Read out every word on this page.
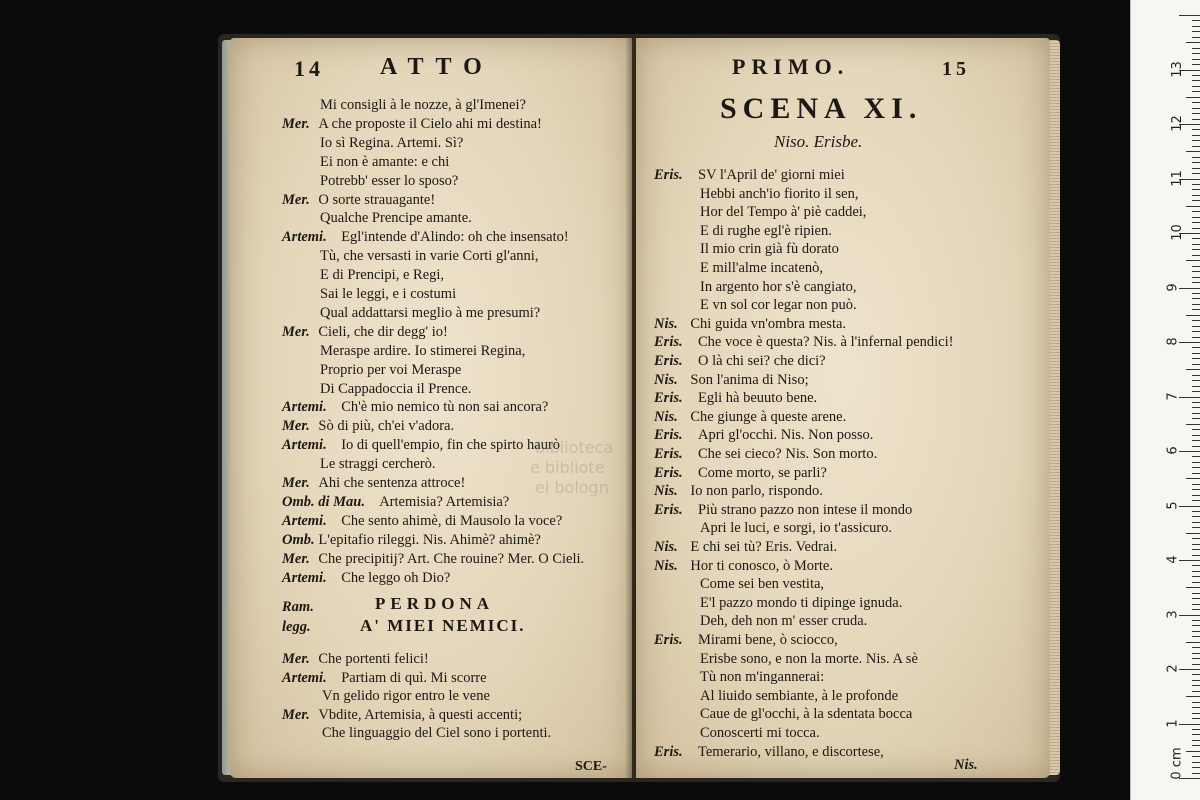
14 ATTO
Mi consigli à le nozze, à gl'Imenei?
Mer. A che proposte il Cielo ahi mi destina!
Io sì Regina. Artemi. Sì?
Ei non è amante: e chi
Potrebb' esser lo sposo?
Mer. O sorte strauagante!
Qualche Prencipe amante.
Artemi. Egl'intende d'Alindo: oh che insensato!
Tù, che versasti in varie Corti gl'anni,
E di Prencipi, e Regi,
Sai le leggi, e i costumi
Qual addattarsi meglio à me presumi?
Mer. Cieli, che dir degg' io!
Meraspe ardire. Io stimerei Regina,
Proprio per voi Meraspe
Di Cappadoccia il Prence.
Artemi. Ch'è mio nemico tù non sai ancora?
Mer. Sò di più, ch'ei v'adora.
Artemi. Io di quell'empio, fin che spirto haurò
Le straggi cercherò.
Mer. Ahi che sentenza attroce!
Omb. di Mau. Artemisia? Artemisia?
Artemi. Che sento ahimè, di Mausolo la voce?
Omb. L'epitafio rileggi. Nis. Ahimè? ahimè?
Mer. Che precipitij? Art. Che rouine? Mer. O Cieli.
Artemi. Che leggo oh Dio?
Ram.
legg.
PERDONA
A' MIEI NEMICI.
Mer. Che portenti felici!
Artemi. Partiam di quì. Mi scorre
Vn gelido rigor entro le vene
Mer. Vbdite, Artemisia, à questi accenti;
Che linguaggio del Ciel sono i portenti.
SCE-
biblioteca
e bibliote
ei bologn
PRIMO.	15
SCENA XI.
Niso. Erisbe.
Eris. SV l'April de' giorni miei
Hebbi anch'io fiorito il sen,
Hor del Tempo à' piè caddei,
E di rughe egl'è ripien.
Il mio crin già fù dorato
E mill'alme incatenò,
In argento hor s'è cangiato,
E vn sol cor legar non può.
Nis. Chi guida vn'ombra mesta.
Eris. Che voce è questa? Nis. à l'infernal pendici!
Eris. O là chi sei? che dici?
Nis. Son l'anima di Niso;
Eris. Egli hà beuuto bene.
Nis. Che giunge à queste arene.
Eris. Apri gl'occhi. Nis. Non posso.
Eris. Che sei cieco? Nis. Son morto.
Eris. Come morto, se parli?
Nis. Io non parlo, rispondo.
Eris. Più strano pazzo non intese il mondo
Apri le luci, e sorgi, io t'assicuro.
Nis. E chi sei tù? Eris. Vedrai.
Nis. Hor ti conosco, ò Morte.
Come sei ben vestita,
E'l pazzo mondo ti dipinge ignuda.
Deh, deh non m' esser cruda.
Eris. Mirami bene, ò sciocco,
Erisbe sono, e non la morte. Nis. A sè
Tù non m'ingannerai:
Al liuido sembiante, à le profonde
Caue de gl'occhi, à la sdentata bocca
Conoscerti mi tocca.
Eris. Temerario, villano, e discortese,
Nis.
1
2
3
4
5
6
7
8
9
10
11
12
13
0 cm
